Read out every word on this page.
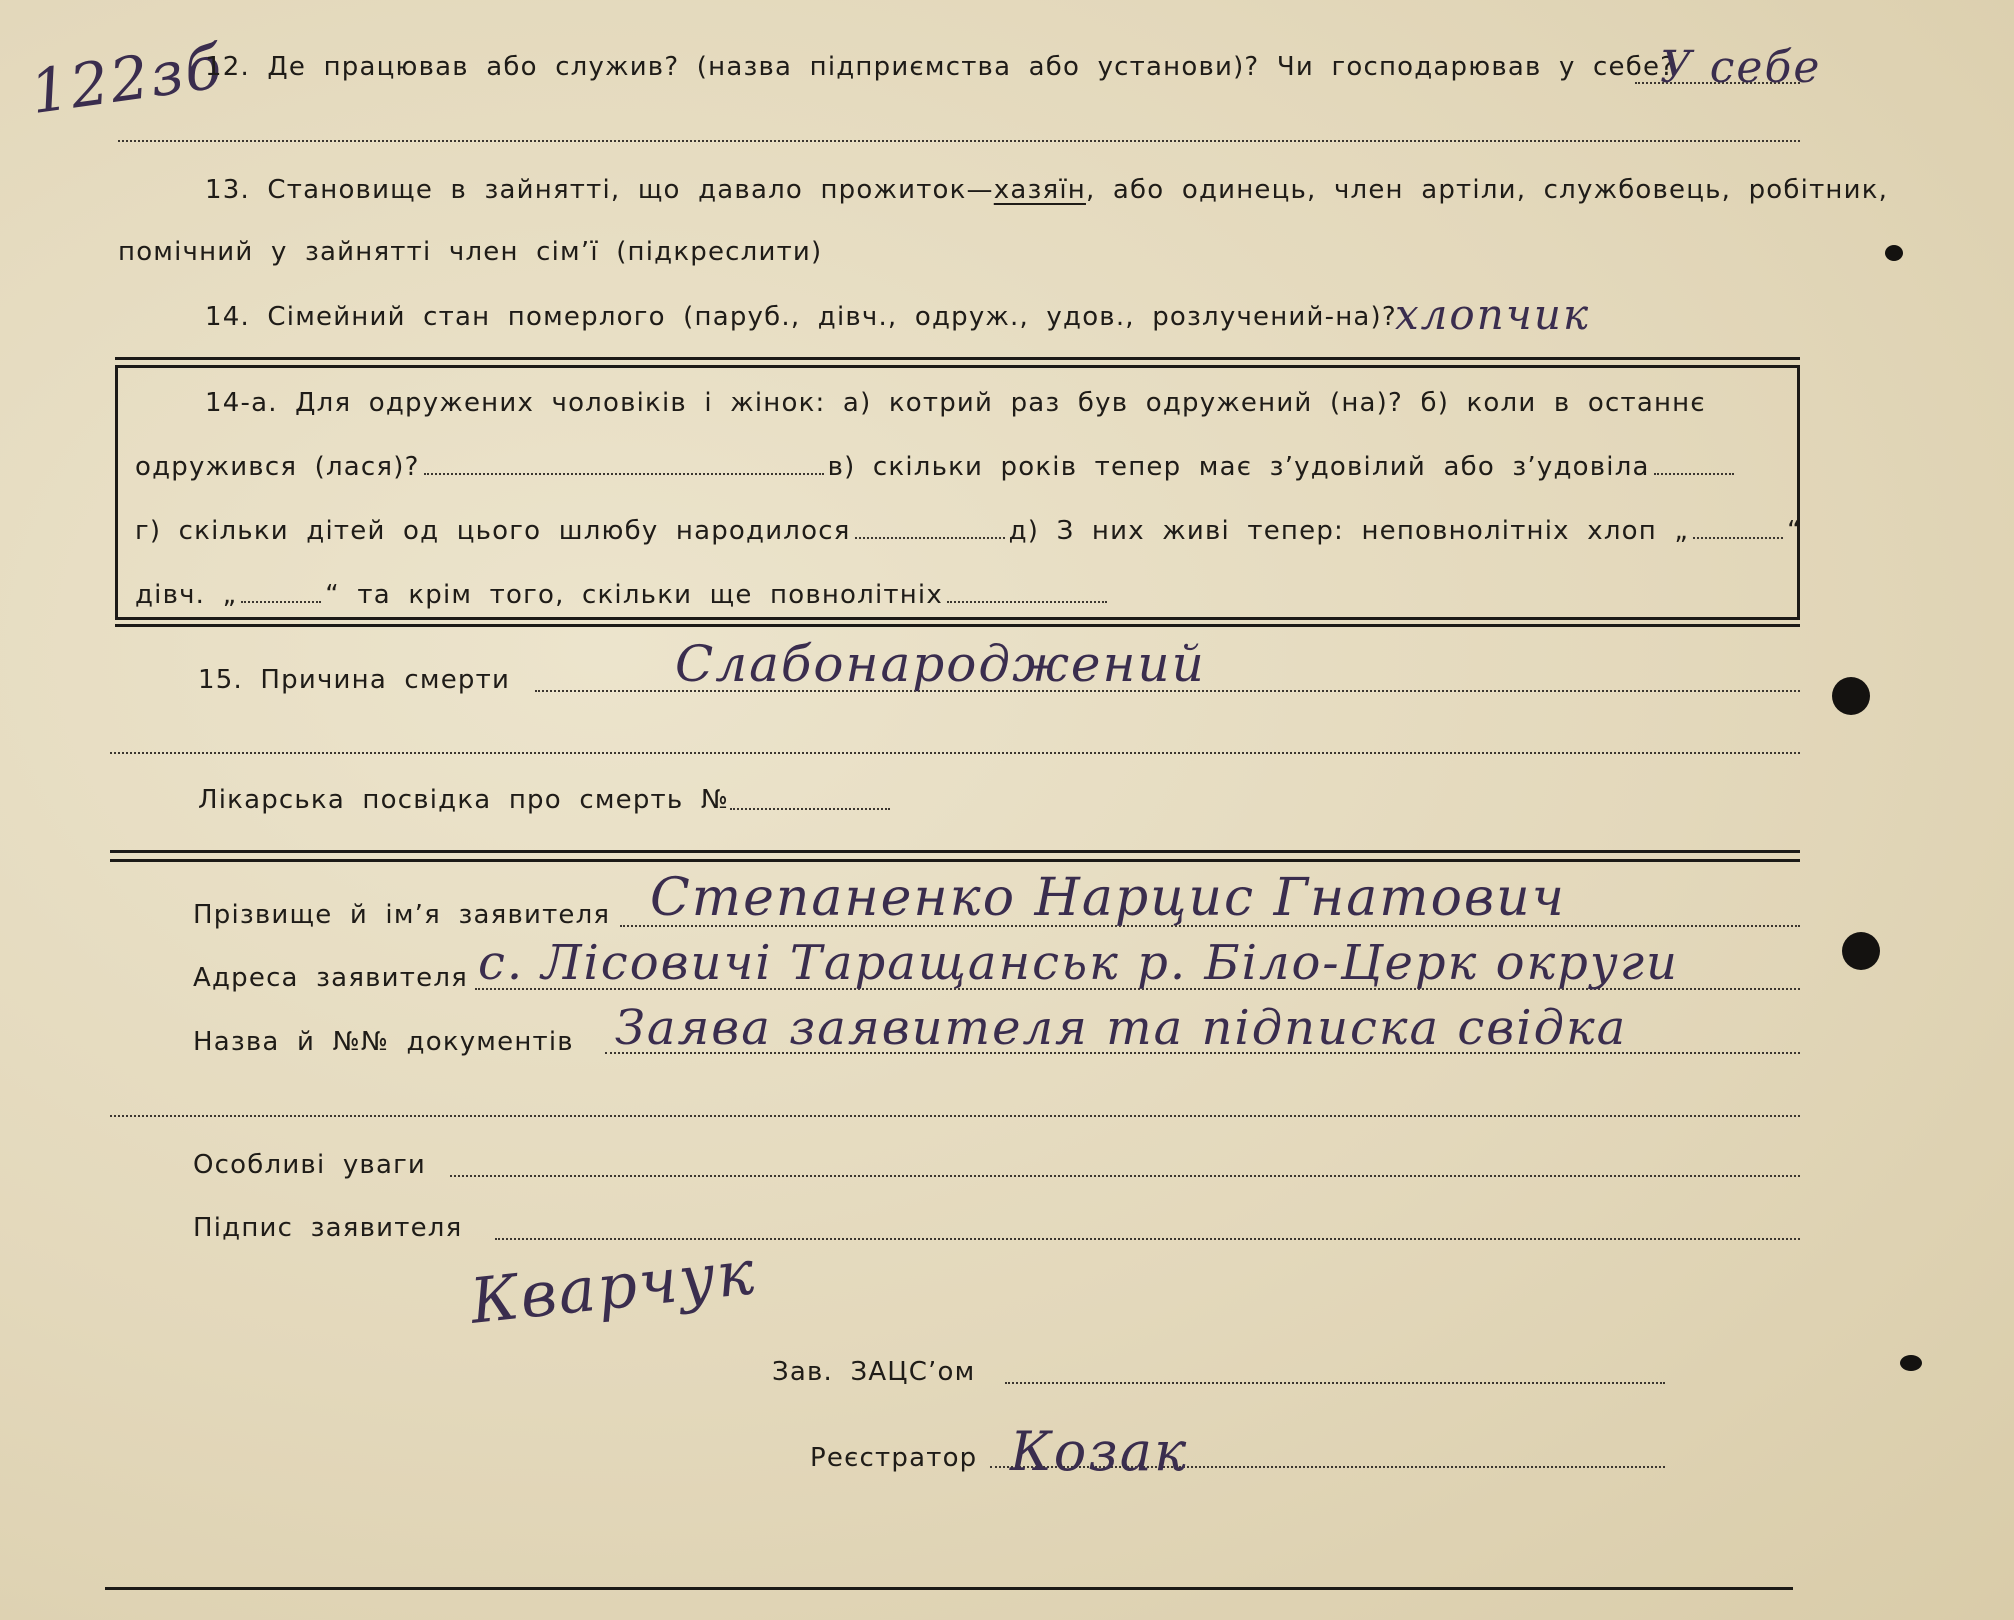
122зб
12. Де працював або служив? (назва підприємства або установи)? Чи господарював у себе?
У себе
13. Становище в зайнятті, що давало прожиток—хазяїн, або одинець, член артіли, службовець, робітник,
помічний у зайнятті член сім’ї (підкреслити)
14. Сімейний стан померлого (паруб., дівч., одруж., удов., розлучений-на)?
хлопчик
14-а. Для одружених чоловіків і жінок: а) котрий раз був одружений (на)? б) коли в останнє
одружився (лася)?	в) скільки років тепер має з’удовілий або з’удовіла
г) скільки дітей од цього шлюбу народилося	д) З них живі тепер: неповнолітніх хлоп „	“
дівч. „	“ та крім того, скільки ще повнолітніх
15. Причина смерти	Слабонароджений
Лікарська посвідка про смерть №
Прізвище й ім’я заявителя Степаненко Нарцис Гнатович
Адреса заявителя с. Лісовичі Таращанськ р. Біло-Церк округи
Назва й №№ документів Заява заявителя та підписка свідка
Особливі уваги
Підпис заявителя
Кварчук
Зав. ЗАЦС’ом
Реєстратор Козак
